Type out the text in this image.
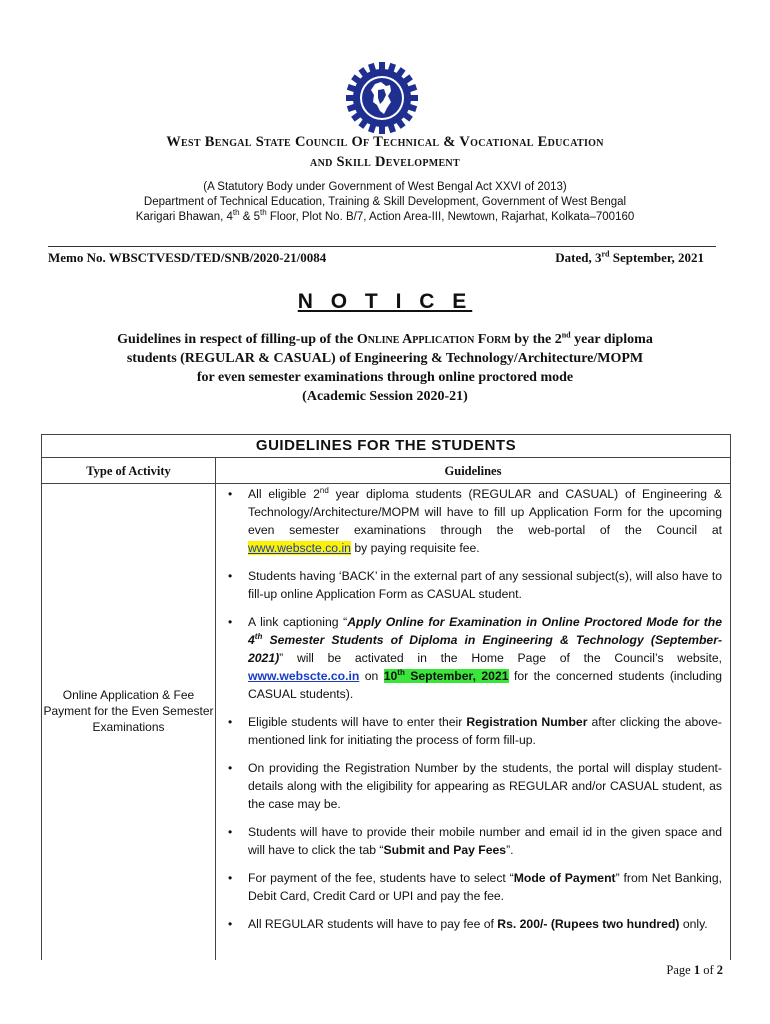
West Bengal State Council Of Technical & Vocational Education
and Skill Development
(A Statutory Body under Government of West Bengal Act XXVI of 2013)
Department of Technical Education, Training & Skill Development, Government of West Bengal
Karigari Bhawan, 4th & 5th Floor, Plot No. B/7, Action Area-III, Newtown, Rajarhat, Kolkata–700160
Memo No. WBSCTVESD/TED/SNB/2020-21/0084	Dated, 3rd September, 2021
N O T I C E
Guidelines in respect of filling-up of the Online Application Form by the 2nd year diploma
students (REGULAR & CASUAL) of Engineering & Technology/Architecture/MOPM
for even semester examinations through online proctored mode
(Academic Session 2020-21)
GUIDELINES FOR THE STUDENTS
Type of Activity	Guidelines
Online Application & Fee Payment for the Even Semester Examinations
• All eligible 2nd year diploma students (REGULAR and CASUAL) of Engineering & Technology/Architecture/MOPM will have to fill up Application Form for the upcoming even semester examinations through the web-portal of the Council at www.webscte.co.in by paying requisite fee.
• Students having ‘BACK’ in the external part of any sessional subject(s), will also have to fill-up online Application Form as CASUAL student.
• A link captioning “Apply Online for Examination in Online Proctored Mode for the 4th Semester Students of Diploma in Engineering & Technology (September-2021)” will be activated in the Home Page of the Council’s website, www.webscte.co.in on 10th September, 2021 for the concerned students (including CASUAL students).
• Eligible students will have to enter their Registration Number after clicking the above-mentioned link for initiating the process of form fill-up.
• On providing the Registration Number by the students, the portal will display student-details along with the eligibility for appearing as REGULAR and/or CASUAL student, as the case may be.
• Students will have to provide their mobile number and email id in the given space and will have to click the tab “Submit and Pay Fees”.
• For payment of the fee, students have to select “Mode of Payment” from Net Banking, Debit Card, Credit Card or UPI and pay the fee.
• All REGULAR students will have to pay fee of Rs. 200/- (Rupees two hundred) only.
Page 1 of 2
